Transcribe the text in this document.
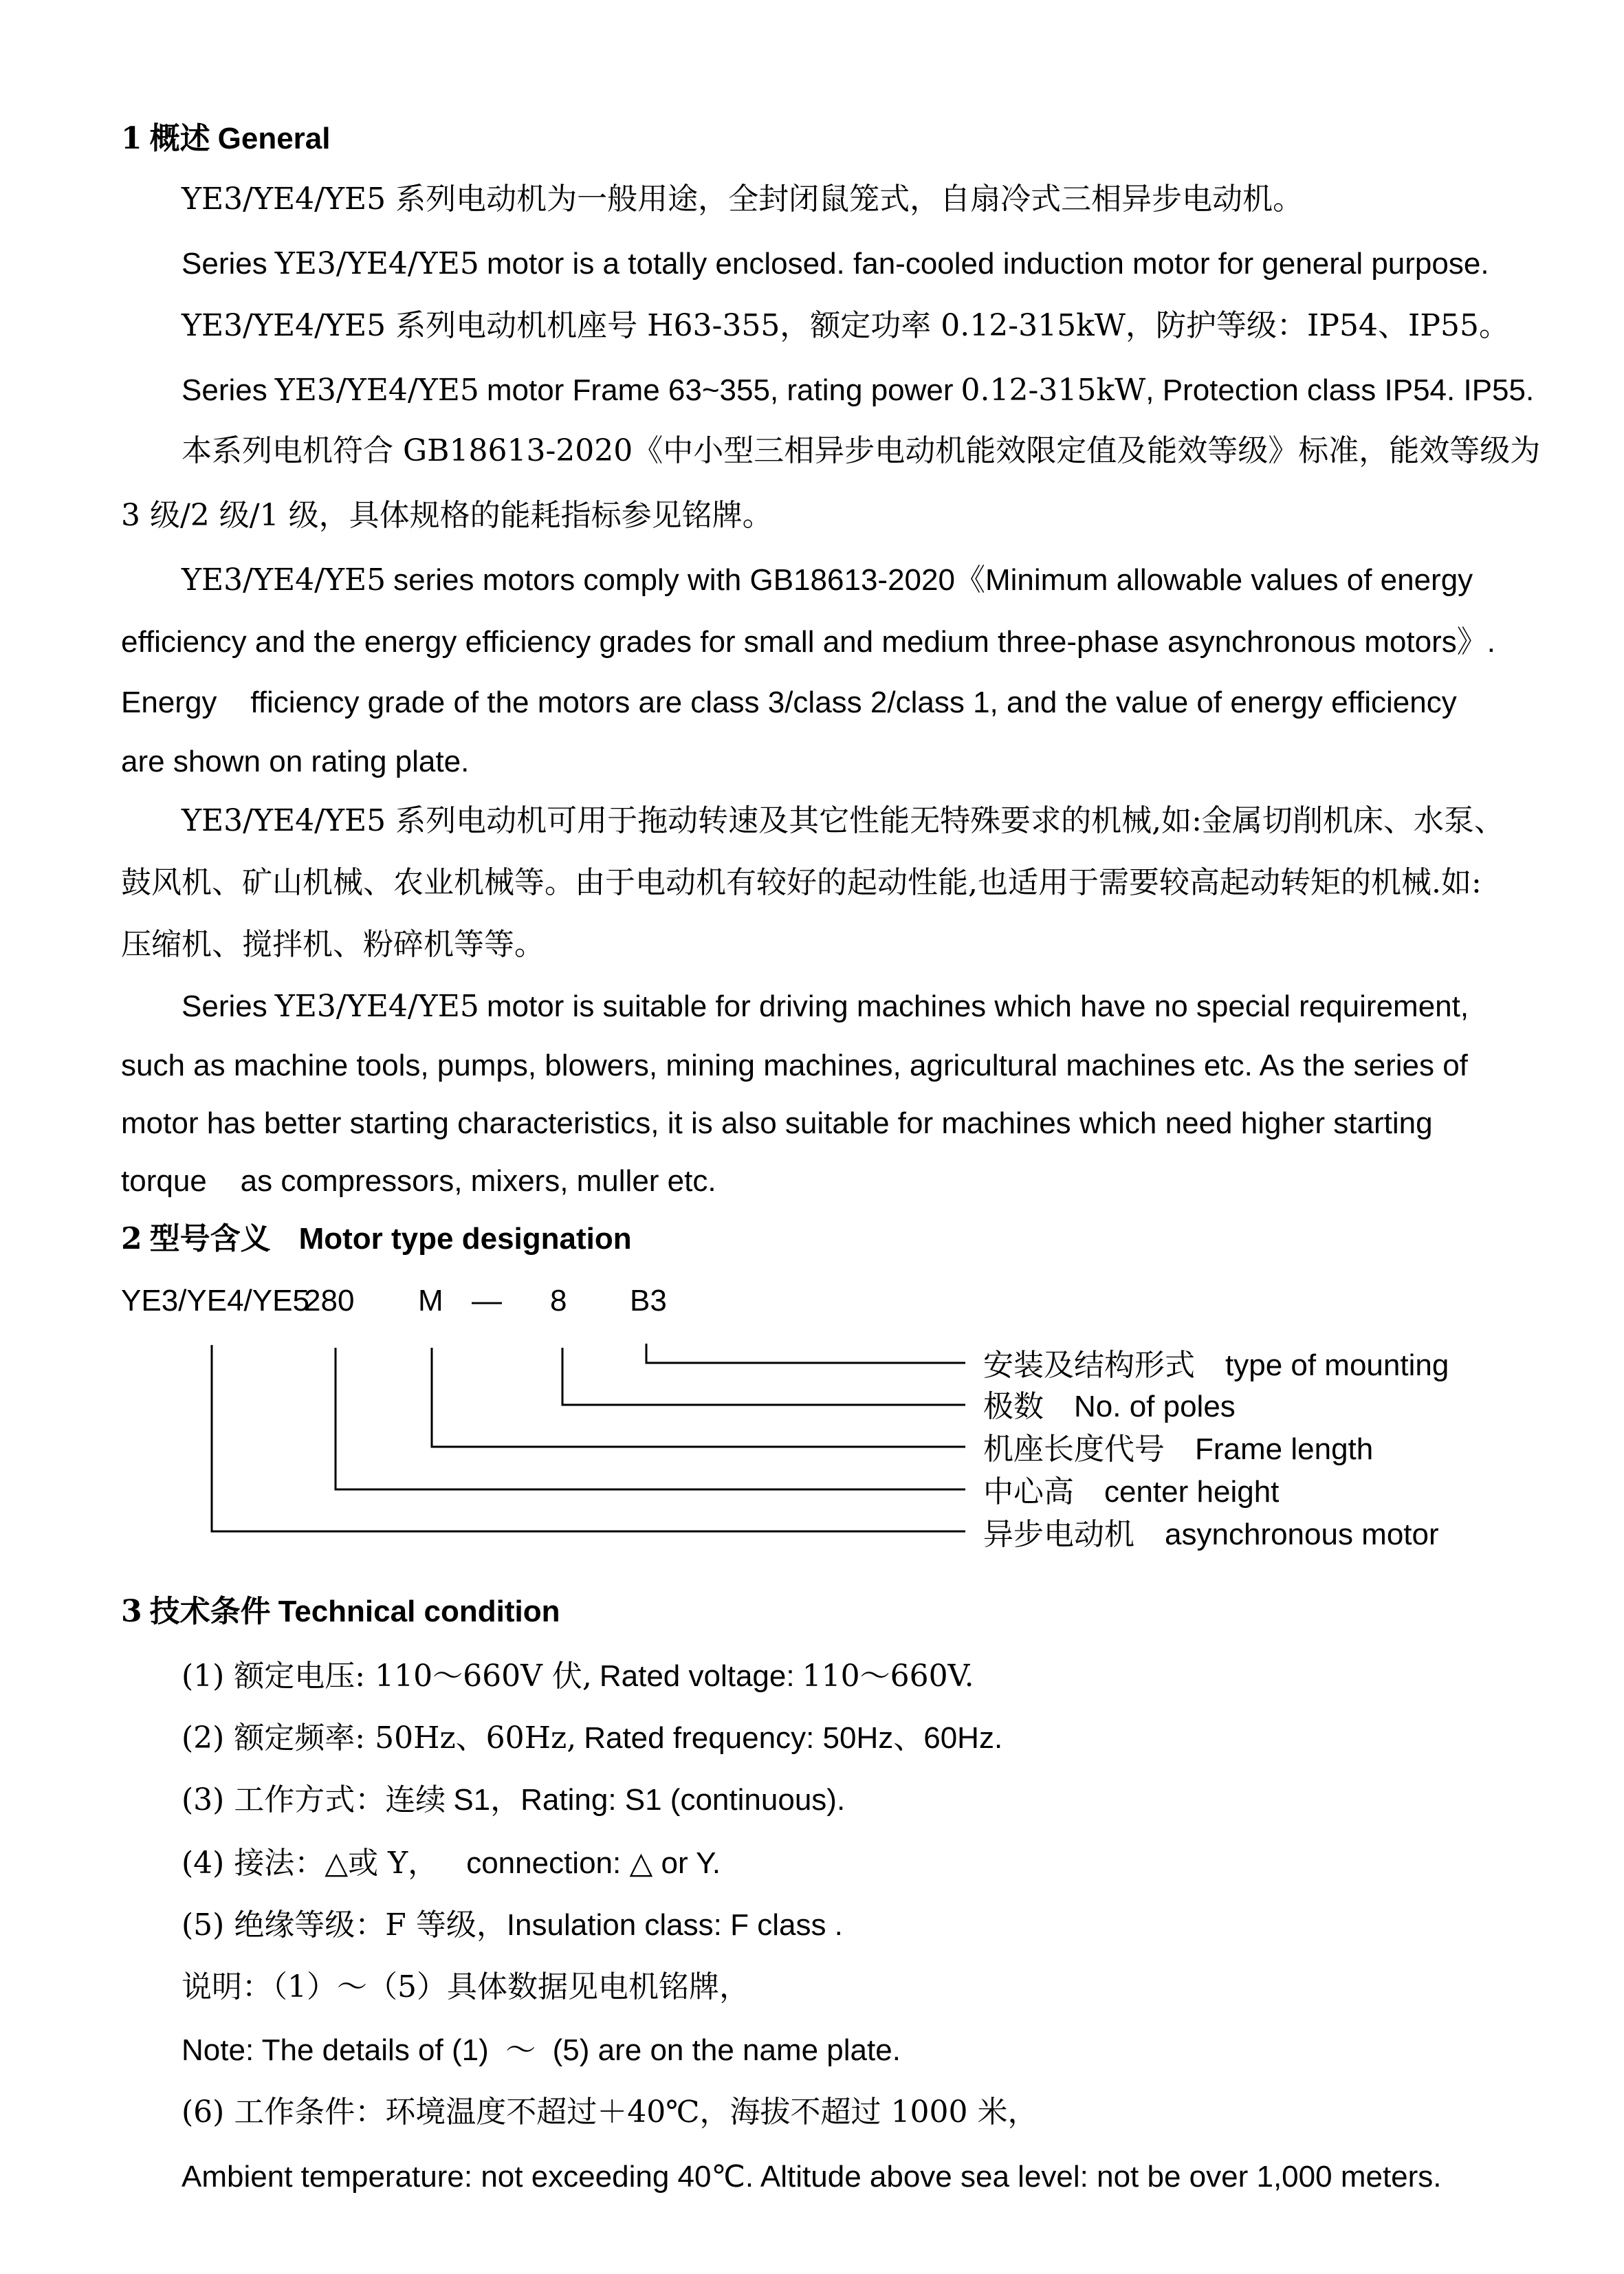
1 概述 General
YE3/YE4/YE5 系列电动机为一般用途，全封闭鼠笼式，自扇冷式三相异步电动机。
Series YE3/YE4/YE5 motor is a totally enclosed. fan-cooled induction motor for general purpose.
YE3/YE4/YE5 系列电动机机座号 H63-355，额定功率 0.12-315kW，防护等级：IP54、IP55。
Series YE3/YE4/YE5 motor Frame 63~355, rating power 0.12-315kW, Protection class IP54. IP55.
本系列电机符合 GB18613-2020《中小型三相异步电动机能效限定值及能效等级》标准，能效等级为
3 级/2 级/1 级，具体规格的能耗指标参见铭牌。
YE3/YE4/YE5 series motors comply with GB18613-2020《Minimum allowable values of energy
efficiency and the energy efficiency grades for small and medium three-phase asynchronous motors》.
Energy    fficiency grade of the motors are class 3/class 2/class 1, and the value of energy efficiency
are shown on rating plate.
YE3/YE4/YE5 系列电动机可用于拖动转速及其它性能无特殊要求的机械,如:金属切削机床、水泵、
鼓风机、矿山机械、农业机械等。由于电动机有较好的起动性能,也适用于需要较高起动转矩的机械.如:
压缩机、搅拌机、粉碎机等等。
Series YE3/YE4/YE5 motor is suitable for driving machines which have no special requirement,
such as machine tools, pumps, blowers, mining machines, agricultural machines etc. As the series of
motor has better starting characteristics, it is also suitable for machines which need higher starting
torque    as compressors, mixers, muller etc.
2 型号含义 Motor type designation
YE3/YE4/YE5
280 M — 8 B3
安装及结构形式 type of mounting
极数 No. of poles
机座长度代号 Frame length
中心高 center height
异步电动机 asynchronous motor
3 技术条件 Technical condition
(1) 额定电压: 110～660V 伏, Rated voltage: 110～660V.
(2) 额定频率: 50Hz、60Hz, Rated frequency: 50Hz、60Hz.
(3) 工作方式：连续 S1，Rating: S1 (continuous).
(4) 接法：△或 Y， connection: △ or Y.
(5) 绝缘等级：F 等级，Insulation class: F class .
说明：（1）～（5）具体数据见电机铭牌，
Note: The details of (1)  ～  (5) are on the name plate.
(6) 工作条件：环境温度不超过＋40℃，海拔不超过 1000 米，
Ambient temperature: not exceeding 40℃. Altitude above sea level: not be over 1,000 meters.
